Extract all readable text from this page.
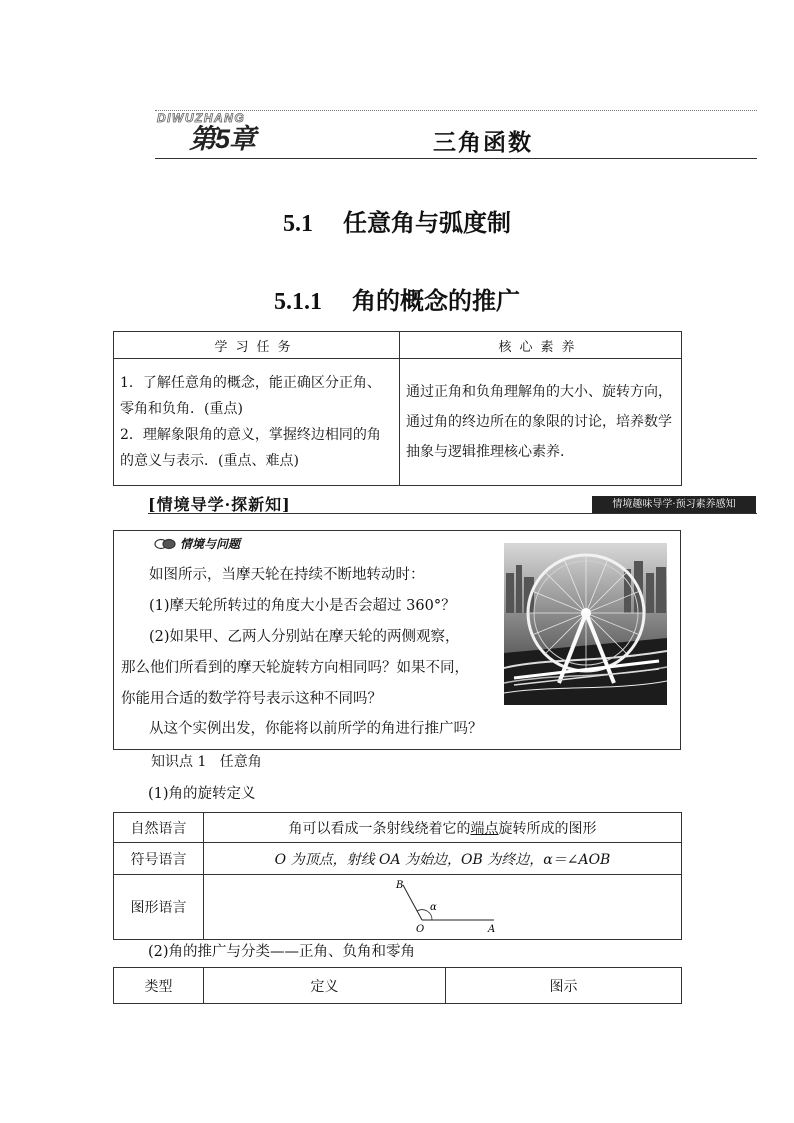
DIWUZHANG
第5章	三角函数
5.1 任意角与弧度制
5.1.1 角的概念的推广
学习任务	核心素养

1．了解任意角的概念，能正确区分正角、零角和负角．(重点)
2．理解象限角的意义，掌握终边相同的角的意义与表示．(重点、难点)	通过正角和负角理解角的大小、旋转方向，通过角的终边所在的象限的讨论，培养数学抽象与逻辑推理核心素养.
[情境导学·探新知]	情境趣味导学·预习素养感知
情境与问题

如图所示，当摩天轮在持续不断地转动时：

(1)摩天轮所转过的角度大小是否会超过 360°？

(2)如果甲、乙两人分别站在摩天轮的两侧观察，

那么他们所看到的摩天轮旋转方向相同吗？如果不同，

你能用合适的数学符号表示这种不同吗？

从这个实例出发，你能将以前所学的角进行推广吗？
知识点 1 任意角
(1)角的旋转定义
自然语言	角可以看成一条射线绕着它的端点旋转所成的图形
符号语言	O 为顶点，射线 OA 为始边，OB 为终边，α＝∠AOB
图形语言	B
O A
α
(2)角的推广与分类——正角、负角和零角
类型	定义	图示
